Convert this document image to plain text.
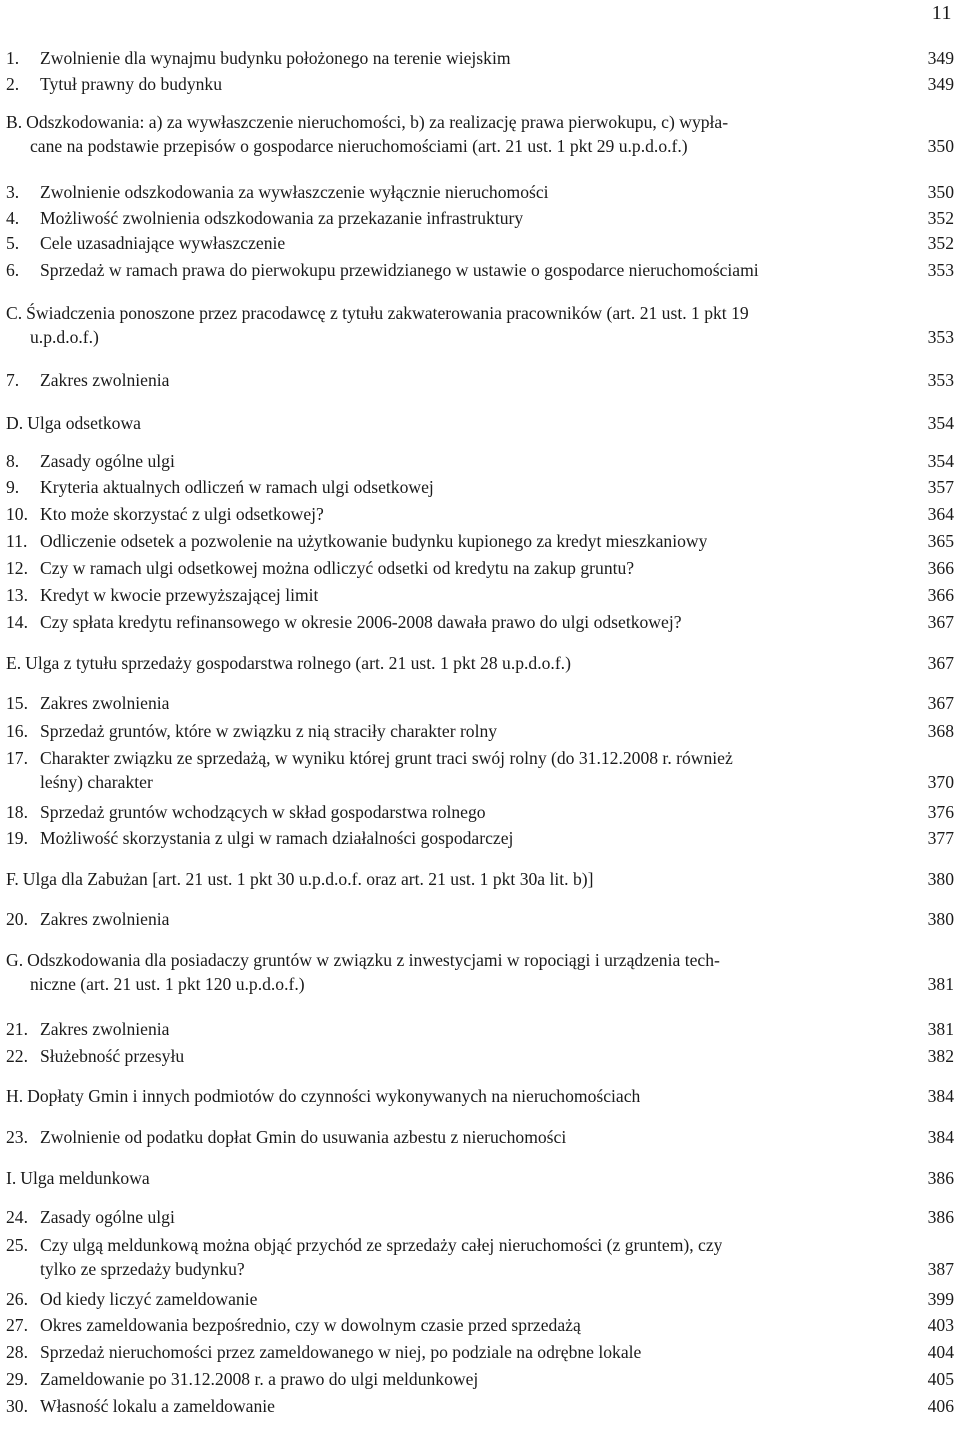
11
1.	Zwolnienie dla wynajmu budynku położonego na terenie wiejskim	349
2.	Tytuł prawny do budynku	349
B. Odszkodowania: a) za wywłaszczenie nieruchomości, b) za realizację prawa pierwokupu, c) wypła-
cane na podstawie przepisów o gospodarce nieruchomościami (art. 21 ust. 1 pkt 29 u.p.d.o.f.)	350
3.	Zwolnienie odszkodowania za wywłaszczenie wyłącznie nieruchomości	350
4.	Możliwość zwolnienia odszkodowania za przekazanie infrastruktury	352
5.	Cele uzasadniające wywłaszczenie	352
6.	Sprzedaż w ramach prawa do pierwokupu przewidzianego w ustawie o gospodarce nieruchomościami	353
C. Świadczenia ponoszone przez pracodawcę z tytułu zakwaterowania pracowników (art. 21 ust. 1 pkt 19
u.p.d.o.f.)	353
7.	Zakres zwolnienia	353
D. Ulga odsetkowa	354
8.	Zasady ogólne ulgi	354
9.	Kryteria aktualnych odliczeń w ramach ulgi odsetkowej	357
10. Kto może skorzystać z ulgi odsetkowej?	364
11. Odliczenie odsetek a pozwolenie na użytkowanie budynku kupionego za kredyt mieszkaniowy	365
12. Czy w ramach ulgi odsetkowej można odliczyć odsetki od kredytu na zakup gruntu?	366
13. Kredyt w kwocie przewyższającej limit	366
14. Czy spłata kredytu refinansowego w okresie 2006-2008 dawała prawo do ulgi odsetkowej?	367
E. Ulga z tytułu sprzedaży gospodarstwa rolnego (art. 21 ust. 1 pkt 28 u.p.d.o.f.)	367
15. Zakres zwolnienia	367
16. Sprzedaż gruntów, które w związku z nią straciły charakter rolny	368
17. Charakter związku ze sprzedażą, w wyniku której grunt traci swój rolny (do 31.12.2008 r. również
leśny) charakter	370
18. Sprzedaż gruntów wchodzących w skład gospodarstwa rolnego	376
19. Możliwość skorzystania z ulgi w ramach działalności gospodarczej	377
F. Ulga dla Zabużan [art. 21 ust. 1 pkt 30 u.p.d.o.f. oraz art. 21 ust. 1 pkt 30a lit. b)]	380
20. Zakres zwolnienia	380
G. Odszkodowania dla posiadaczy gruntów w związku z inwestycjami w ropociągi i urządzenia tech-
niczne (art. 21 ust. 1 pkt 120 u.p.d.o.f.)	381
21. Zakres zwolnienia	381
22. Służebność przesyłu	382
H. Dopłaty Gmin i innych podmiotów do czynności wykonywanych na nieruchomościach	384
23. Zwolnienie od podatku dopłat Gmin do usuwania azbestu z nieruchomości	384
I. Ulga meldunkowa	386
24. Zasady ogólne ulgi	386
25. Czy ulgą meldunkową można objąć przychód ze sprzedaży całej nieruchomości (z gruntem), czy
tylko ze sprzedaży budynku?	387
26. Od kiedy liczyć zameldowanie	399
27. Okres zameldowania bezpośrednio, czy w dowolnym czasie przed sprzedażą	403
28. Sprzedaż nieruchomości przez zameldowanego w niej, po podziale na odrębne lokale	404
29. Zameldowanie po 31.12.2008 r. a prawo do ulgi meldunkowej	405
30. Własność lokalu a zameldowanie	406
